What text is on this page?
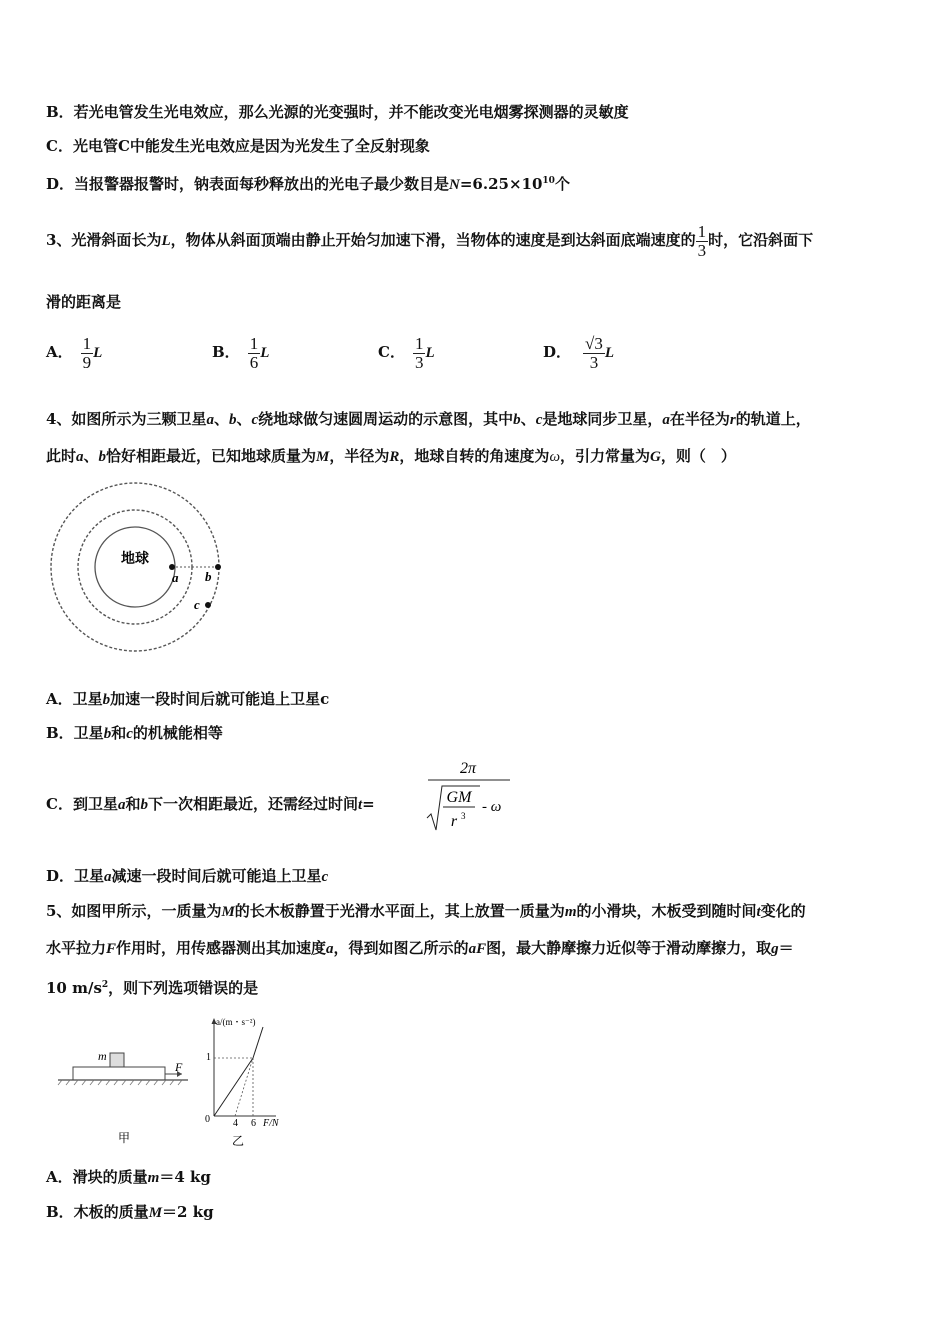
B．若光电管发生光电效应，那么光源的光变强时，并不能改变光电烟雾探测器的灵敏度
C．光电管C中能发生光电效应是因为光发生了全反射现象
D．当报警器报警时，钠表面每秒释放出的光电子最少数目是$N=6.25\times 10^{10}$个
3、光滑斜面长为L，物体从斜面顶端由静止开始匀加速下滑，当物体的速度是到达斜面底端速度的 $\frac{1}{3}$ 时，它沿斜面下
滑的距离是
A． $\frac{1}{9}$ L	B． $\frac{1}{6}$ L	C． $\frac{1}{3}$ L	D． $\frac{√3}{3}$ L
4、如图所示为三颗卫星a、b、c绕地球做匀速圆周运动的示意图，其中b、c是地球同步卫星，a在半径为r的轨道上，
此时a、b恰好相距最近，已知地球质量为M，半径为R，地球自转的角速度为ω，引力常量为G，则（　）
地球
a b
c
A．卫星b加速一段时间后就可能追上卫星c
B．卫星b和c的机械能相等
C．到卫星a和b下一次相距最近，还需经过时间t=
2π
GM
r 3
- ω
D．卫星a减速一段时间后就可能追上卫星c
5、如图甲所示，一质量为M的长木板静置于光滑水平面上，其上放置一质量为m的小滑块，木板受到随时间t变化的
水平拉力F作用时，用传感器测出其加速度a，得到如图乙所示的aF图，最大静摩擦力近似等于滑动摩擦力，取g＝
10 $m/s^2$，则下列选项错误的是
m
F
甲
a/(m・s⁻²)
1
0 4 6 F/N
乙
A．滑块的质量m＝4 kg
B．木板的质量M＝2 kg
